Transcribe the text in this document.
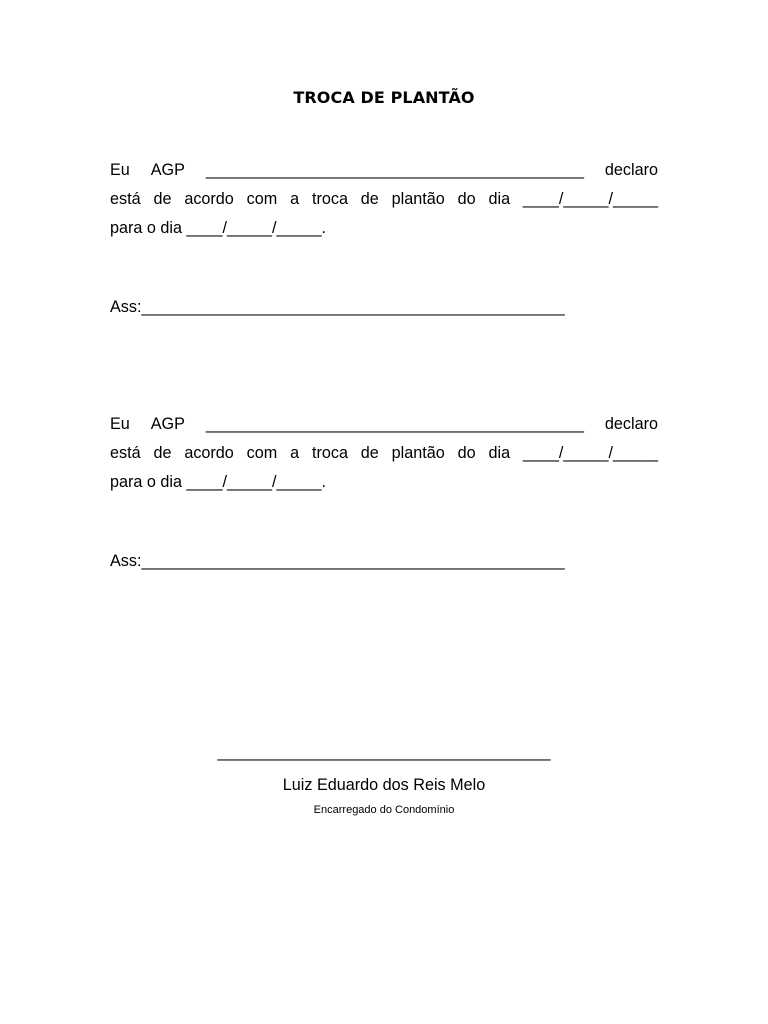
TROCA DE PLANTÃO
Eu AGP __________________________________________ declaro
está de acordo com a troca de plantão do dia ____/_____/_____
para o dia ____/_____/_____.
Ass:_______________________________________________
Eu AGP __________________________________________ declaro
está de acordo com a troca de plantão do dia ____/_____/_____
para o dia ____/_____/_____.
Ass:_______________________________________________
_____________________________________
Luiz Eduardo dos Reis Melo
Encarregado do Condomínio
